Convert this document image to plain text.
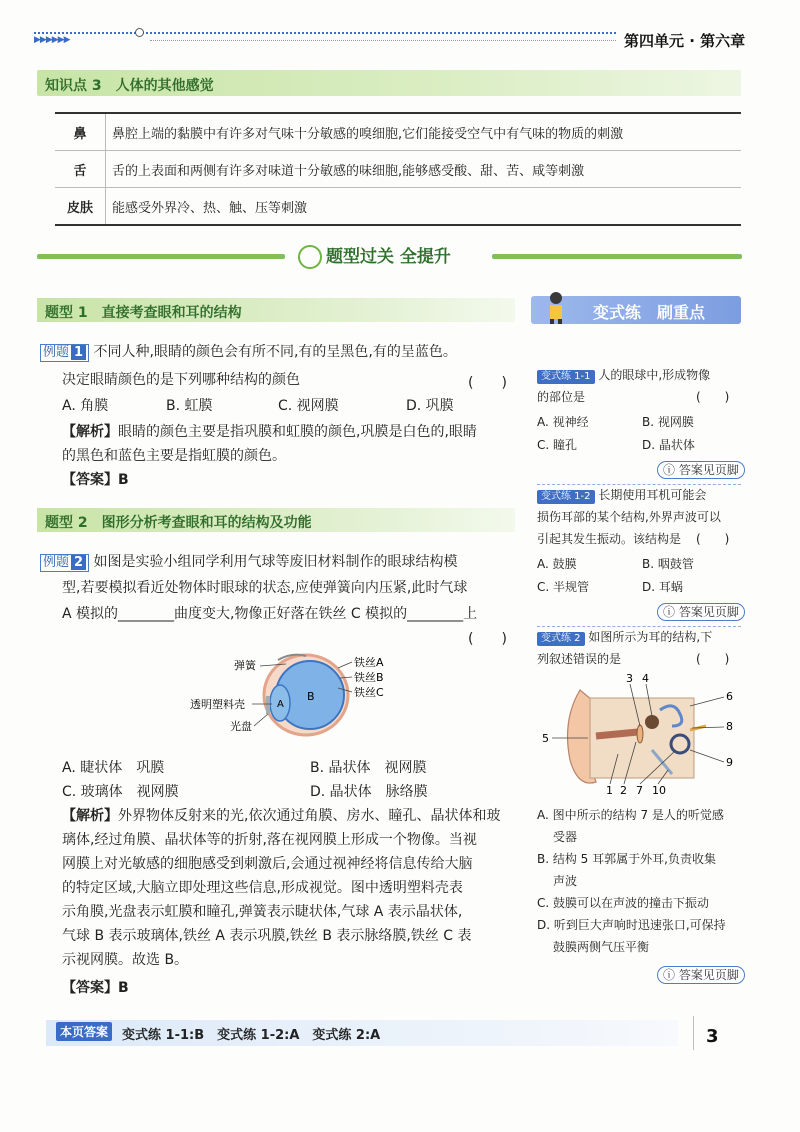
▶▶▶▶▶▶	第四单元 · 第六章
知识点 3　人体的其他感觉
鼻	鼻腔上端的黏膜中有许多对气味十分敏感的嗅细胞,它们能接受空气中有气味的物质的刺激
舌	舌的上表面和两侧有许多对味道十分敏感的味细胞,能够感受酸、甜、苦、咸等刺激
皮肤	能感受外界冷、热、触、压等刺激
题型过关 全提升
题型 1　直接考查眼和耳的结构
例题 1 不同人种,眼睛的颜色会有所不同,有的呈黑色,有的呈蓝色。
决定眼睛颜色的是下列哪种结构的颜色	(　　)
A. 角膜	B. 虹膜	C. 视网膜	D. 巩膜
【解析】眼睛的颜色主要是指巩膜和虹膜的颜色,巩膜是白色的,眼睛
的黑色和蓝色主要是指虹膜的颜色。
【答案】B
题型 2　图形分析考查眼和耳的结构及功能
例题 2 如图是实验小组同学利用气球等废旧材料制作的眼球结构模
型,若要模拟看近处物体时眼球的状态,应使弹簧向内压紧,此时气球
A 模拟的________曲度变大,物像正好落在铁丝 C 模拟的________上
(　　)
B
A
弹簧
透明塑料壳
光盘
铁丝A
铁丝B
铁丝C
A. 睫状体　巩膜	B. 晶状体　视网膜
C. 玻璃体　视网膜	D. 晶状体　脉络膜
【解析】外界物体反射来的光,依次通过角膜、房水、瞳孔、晶状体和玻
璃体,经过角膜、晶状体等的折射,落在视网膜上形成一个物像。当视
网膜上对光敏感的细胞感受到刺激后,会通过视神经将信息传给大脑
的特定区域,大脑立即处理这些信息,形成视觉。图中透明塑料壳表
示角膜,光盘表示虹膜和瞳孔,弹簧表示睫状体,气球 A 表示晶状体,
气球 B 表示玻璃体,铁丝 A 表示巩膜,铁丝 B 表示脉络膜,铁丝 C 表
示视网膜。故选 B。
【答案】B
变式练　刷重点
变式练 1-1 人的眼球中,形成物像
的部位是	(　　)
A. 视神经	B. 视网膜
C. 瞳孔	D. 晶状体
ⓘ 答案见页脚
变式练 1-2 长期使用耳机可能会
损伤耳部的某个结构,外界声波可以
引起其发生振动。该结构是 (　　)
A. 鼓膜	B. 咽鼓管
C. 半规管	D. 耳蜗
ⓘ 答案见页脚
变式练 2 如图所示为耳的结构,下
列叙述错误的是	(　　)
3 4
6
8
9
5
1 2 7 10
A. 图中所示的结构 7 是人的听觉感
受器
B. 结构 5 耳郭属于外耳,负责收集
声波
C. 鼓膜可以在声波的撞击下振动
D. 听到巨大声响时迅速张口,可保持
鼓膜两侧气压平衡
ⓘ 答案见页脚
本页答案	变式练 1-1:B　变式练 1-2:A　变式练 2:A	3
